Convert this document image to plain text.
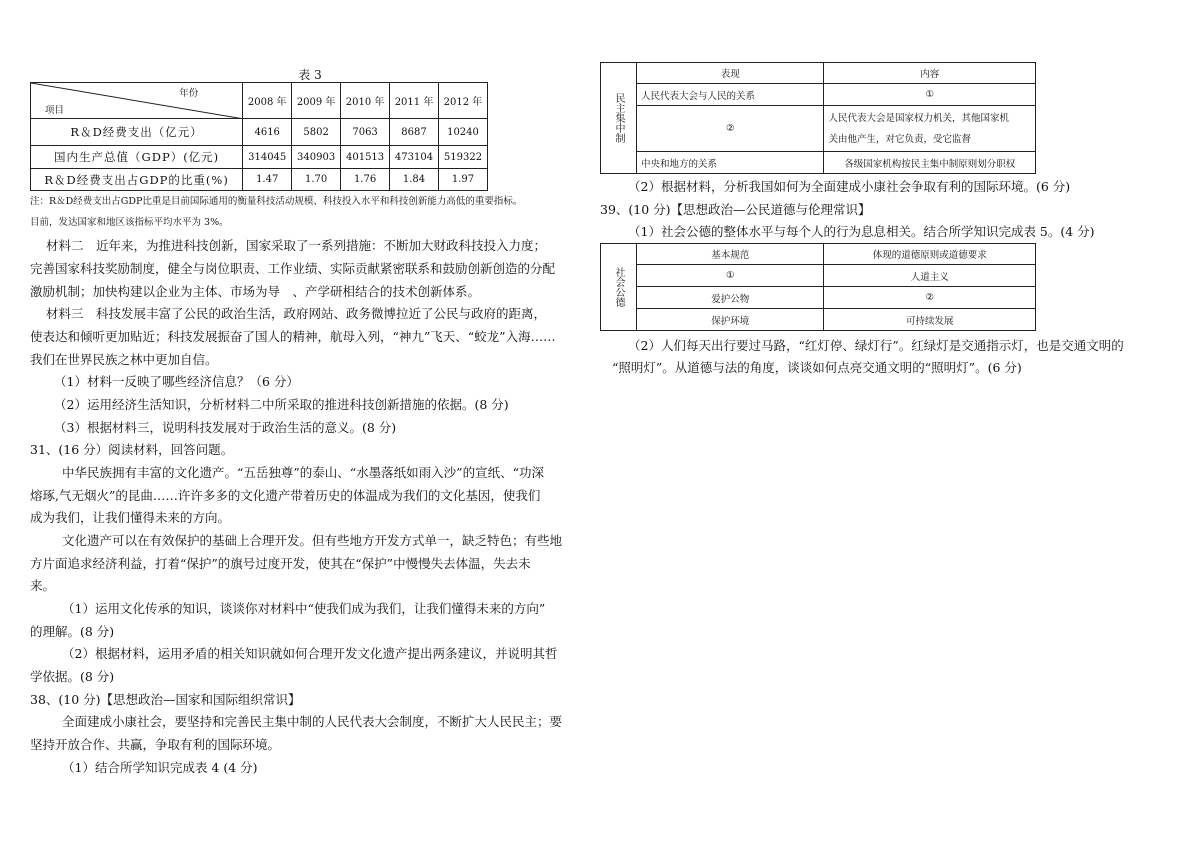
表 3
年份
项目	2008 年	2009 年	2010 年	2011 年	2012 年
R＆D经费支出（亿元）	4616	5802	7063	8687	10240
国内生产总值（GDP）(亿元)	314045	340903	401513	473104	519322
R＆D经费支出占GDP的比重(%)	1.47	1.70	1.76	1.84	1.97
注：R＆D经费支出占GDP比重是目前国际通用的衡量科技活动规模、科技投入水平和科技创新能力高低的重要指标。
目前，发达国家和地区该指标平均水平为 3%。
材料二　近年来，为推进科技创新，国家采取了一系列措施：不断加大财政科技投入力度；
完善国家科技奖励制度，健全与岗位职责、工作业绩、实际贡献紧密联系和鼓励创新创造的分配
激励机制；加快构建以企业为主体、市场为导　、产学研相结合的技术创新体系。
材料三　科技发展丰富了公民的政治生活，政府网站、政务微博拉近了公民与政府的距离，
使表达和倾听更加贴近；科技发展振奋了国人的精神，航母入列，“神九”飞天、“蛟龙”入海……
我们在世界民族之林中更加自信。
（1）材料一反映了哪些经济信息？（6 分）
（2）运用经济生活知识，分析材料二中所采取的推进科技创新措施的依据。(8 分)
（3）根据材料三，说明科技发展对于政治生活的意义。(8 分)
31、(16 分）阅读材料，回答问题。
中华民族拥有丰富的文化遗产。“五岳独尊”的泰山、“水墨落纸如雨入沙”的宣纸、“功深
熔琢,气无烟火”的昆曲……许许多多的文化遗产带着历史的体温成为我们的文化基因，使我们
成为我们，让我们懂得未来的方向。
文化遗产可以在有效保护的基础上合理开发。但有些地方开发方式单一，缺乏特色；有些地
方片面追求经济利益，打着“保护”的旗号过度开发，使其在“保护”中慢慢失去体温，失去未
来。
（1）运用文化传承的知识，谈谈你对材料中“使我们成为我们，让我们懂得未来的方向”
的理解。(8 分)
（2）根据材料，运用矛盾的相关知识就如何合理开发文化遗产提出两条建议，并说明其哲
学依据。(8 分)
38、(10 分)【思想政治—国家和国际组织常识】
全面建成小康社会，要坚持和完善民主集中制的人民代表大会制度，不断扩大人民民主；要
坚持开放合作、共赢，争取有利的国际环境。
（1）结合所学知识完成表 4 (4 分)
民主集中制	表现	内容
	人民代表大会与人民的关系	①
	②	人民代表大会是国家权力机关，其他国家机
关由他产生，对它负责，受它监督

	中央和地方的关系	各级国家机构按民主集中制原则划分职权
（2）根据材料，分析我国如何为全面建成小康社会争取有利的国际环境。(6 分)
39、(10 分)【思想政治—公民道德与伦理常识】
（1）社会公德的整体水平与每个人的行为息息相关。结合所学知识完成表 5。(4 分)
社会公德	基本规范	体现的道德原则或道德要求
	①	人道主义
	爱护公物	②
	保护环境	可持续发展
（2）人们每天出行要过马路，“红灯停、绿灯行”。红绿灯是交通指示灯，也是交通文明的
“照明灯”。从道德与法的角度，谈谈如何点亮交通文明的“照明灯”。(6 分)
